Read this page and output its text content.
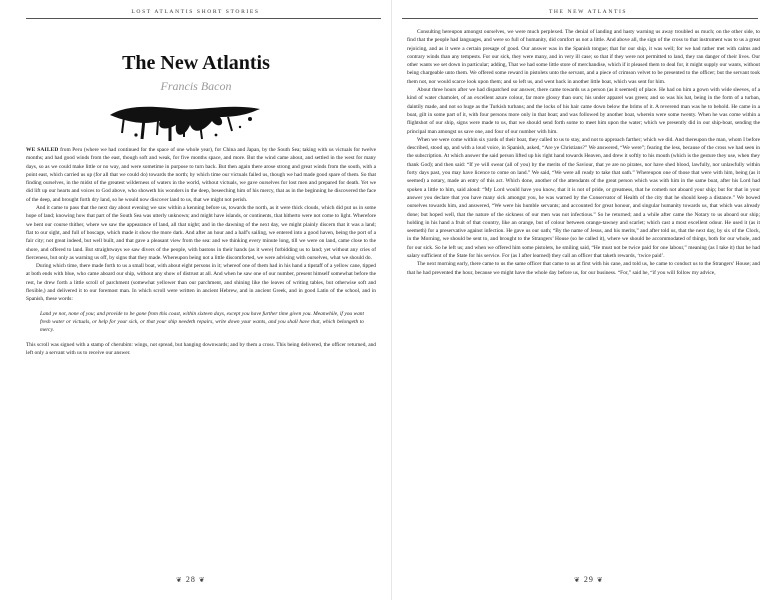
LOST ATLANTIS SHORT STORIES
The New Atlantis
Francis Bacon

WE SAILED from Peru (where we had continued for the space of one whole year), for China and Japan, by the South Sea; taking with us victuals for twelve months; and had good winds from the east, though soft and weak, for five months space, and more. But the wind came about, and settled in the west for many days, so as we could make little or no way, and were sometime in purpose to turn back. But then again there arose strong and great winds from the south, with a point east, which carried us up (for all that we could do) towards the north; by which time our victuals failed us, though we had made good spare of them. So that finding ourselves, in the midst of the greatest wilderness of waters in the world, without victuals, we gave ourselves for lost men and prepared for death. Yet we did lift up our hearts and voices to God above, who showeth his wonders in the deep, beseeching him of his mercy, that as in the beginning he discovered the face of the deep, and brought forth dry land, so he would now discover land to us, that we might not perish.

And it came to pass that the next day about evening we saw within a kenning before us, towards the north, as it were thick clouds, which did put us in some hope of land; knowing how that part of the South Sea was utterly unknown; and might have islands, or continents, that hitherto were not come to light. Wherefore we bent our course thither, where we saw the appearance of land, all that night; and in the dawning of the next day, we might plainly discern that it was a land; flat to our sight, and full of boscage, which made it show the more dark. And after an hour and a half's sailing, we entered into a good haven, being the port of a fair city; not great indeed, but well built, and that gave a pleasant view from the sea: and we thinking every minute long, till we were on land, came close to the shore, and offered to land. But straightways we saw divers of the people, with bastons in their hands (as it were) forbidding us to land; yet without any cries of fierceness, but only as warning us off, by signs that they made. Whereupon being not a little discomforted, we were advising with ourselves, what we should do.

During which time, there made forth to us a small boat, with about eight persons in it; whereof one of them had in his hand a tipstaff of a yellow cane, tipped at both ends with blue, who came aboard our ship, without any show of distrust at all. And when he saw one of our number, present himself somewhat before the rest, he drew forth a little scroll of parchment (somewhat yellower than our parchment, and shining like the leaves of writing tables, but otherwise soft and flexible,) and delivered it to our foremost man. In which scroll were written in ancient Hebrew, and in ancient Greek, and in good Latin of the school, and in Spanish, these words:

Land ye not, none of you; and provide to be gone from this coast, within sixteen days, except you have further time given you. Meanwhile, if you want fresh water or victuals, or help for your sick, or that your ship needeth repairs, write down your wants, and you shall have that, which belongeth to mercy.

This scroll was signed with a stamp of cherubim: wings, not spread, but hanging downwards; and by them a cross. This being delivered, the officer returned, and left only a servant with us to receive our answer.

❦ 28 ❦
THE NEW ATLANTIS

Consulting hereupon amongst ourselves, we were much perplexed. The denial of landing and hasty warning us away troubled us much; on the other side, to find that the people had languages, and were so full of humanity, did comfort us not a little. And above all, the sign of the cross to that instrument was to us a great rejoicing, and as it were a certain presage of good. Our answer was in the Spanish tongue; that for our ship, it was well; for we had rather met with calms and contrary winds than any tempests. For our sick, they were many, and in very ill case; so that if they were not permitted to land, they ran danger of their lives. Our other wants we set down in particular; adding, That we had some little store of merchandise, which if it pleased them to deal for, it might supply our wants, without being chargeable unto them. We offered some reward in pistolets unto the servant, and a piece of crimson velvet to be presented to the officer; but the servant took them not, nor would scarce look upon them; and so left us, and went back in another little boat, which was sent for him.

About three hours after we had dispatched our answer, there came towards us a person (as it seemed) of place. He had on him a gown with wide sleeves, of a kind of water chamolet, of an excellent azure colour, far more glossy than ours; his under apparel was green; and so was his hat, being in the form of a turban, daintily made, and not so huge as the Turkish turbans; and the locks of his hair came down below the brims of it. A reverend man was he to behold. He came in a boat, gilt in some part of it, with four persons more only in that boat; and was followed by another boat, wherein were some twenty. When he was come within a flightshot of our ship, signs were made to us, that we should send forth some to meet him upon the water; which we presently did in our ship-boat, sending the principal man amongst us save one, and four of our number with him.

When we were come within six yards of their boat, they called to us to stay, and not to approach farther; which we did. And thereupon the man, whom I before described, stood up, and with a loud voice, in Spanish, asked, “Are ye Christians?” We answered, “We were”; fearing the less, because of the cross we had seen in the subscription. At which answer the said person lifted up his right hand towards Heaven, and drew it softly to his mouth (which is the gesture they use, when they thank God); and then said: “If ye will swear (all of you) by the merits of the Saviour, that ye are no pirates, nor have shed blood, lawfully, nor unlawfully within forty days past, you may have licence to come on land.” We said, “We were all ready to take that oath.” Whereupon one of those that were with him, being (as it seemed) a notary, made an entry of this act. Which done, another of the attendants of the great person which was with him in the same boat, after his Lord had spoken a little to him, said aloud: “My Lord would have you know, that it is not of pride, or greatness, that he cometh not aboard your ship; but for that in your answer you declare that you have many sick amongst you, he was warned by the Conservator of Health of the city that he should keep a distance.” We bowed ourselves towards him, and answered, “We were his humble servants; and accounted for great honour, and singular humanity towards us, that which was already done; but hoped well, that the nature of the sickness of our men was not infectious.” So he returned; and a while after came the Notary to us aboard our ship; holding in his hand a fruit of that country, like an orange, but of colour between orange-tawney and scarlet; which cast a most excellent odour. He used it (as it seemeth) for a preservative against infection. He gave us our oath; “By the name of Jesus, and his merits,” and after told us, that the next day, by six of the Clock, in the Morning, we should be sent to, and brought to the Strangers’ House (so he called it), where we should be accommodated of things, both for our whole, and for our sick. So he left us; and when we offered him some pistolets, he smiling said, “He must not be twice paid for one labour,” meaning (as I take it) that he had salary sufficient of the State for his service. For (as I after learned) they call an officer that taketh rewards, ‘twice paid’.

The next morning early, there came to us the same officer that came to us at first with his cane, and told us, he came to conduct us to the Strangers’ House; and that he had prevented the hour, because we might have the whole day before us, for our business. “For,” said he, “if you will follow my advice,

❦ 29 ❦
